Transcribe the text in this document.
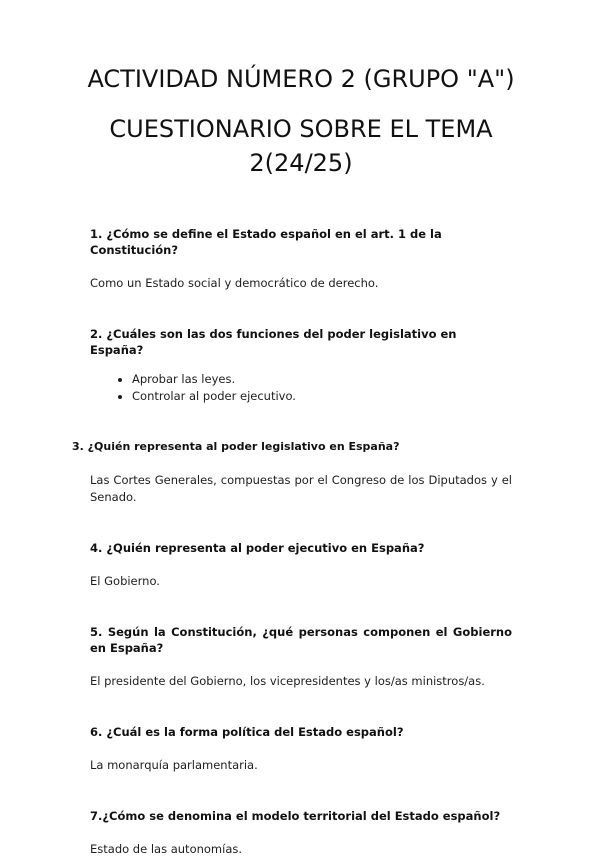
ACTIVIDAD NÚMERO 2 (GRUPO "A")
CUESTIONARIO SOBRE EL TEMA 2(24/25)

1. ¿Cómo se define el Estado español en el art. 1 de la Constitución?

Como un Estado social y democrático de derecho.

2. ¿Cuáles son las dos funciones del poder legislativo en España?

• Aprobar las leyes.
• Controlar al poder ejecutivo.

3. ¿Quién representa al poder legislativo en España?

Las Cortes Generales, compuestas por el Congreso de los Diputados y el Senado.

4. ¿Quién representa al poder ejecutivo en España?

El Gobierno.

5. Según la Constitución, ¿qué personas componen el Gobierno en España?

El presidente del Gobierno, los vicepresidentes y los/as ministros/as.

6. ¿Cuál es la forma política del Estado español?

La monarquía parlamentaria.

7.¿Cómo se denomina el modelo territorial del Estado español?

Estado de las autonomías.
